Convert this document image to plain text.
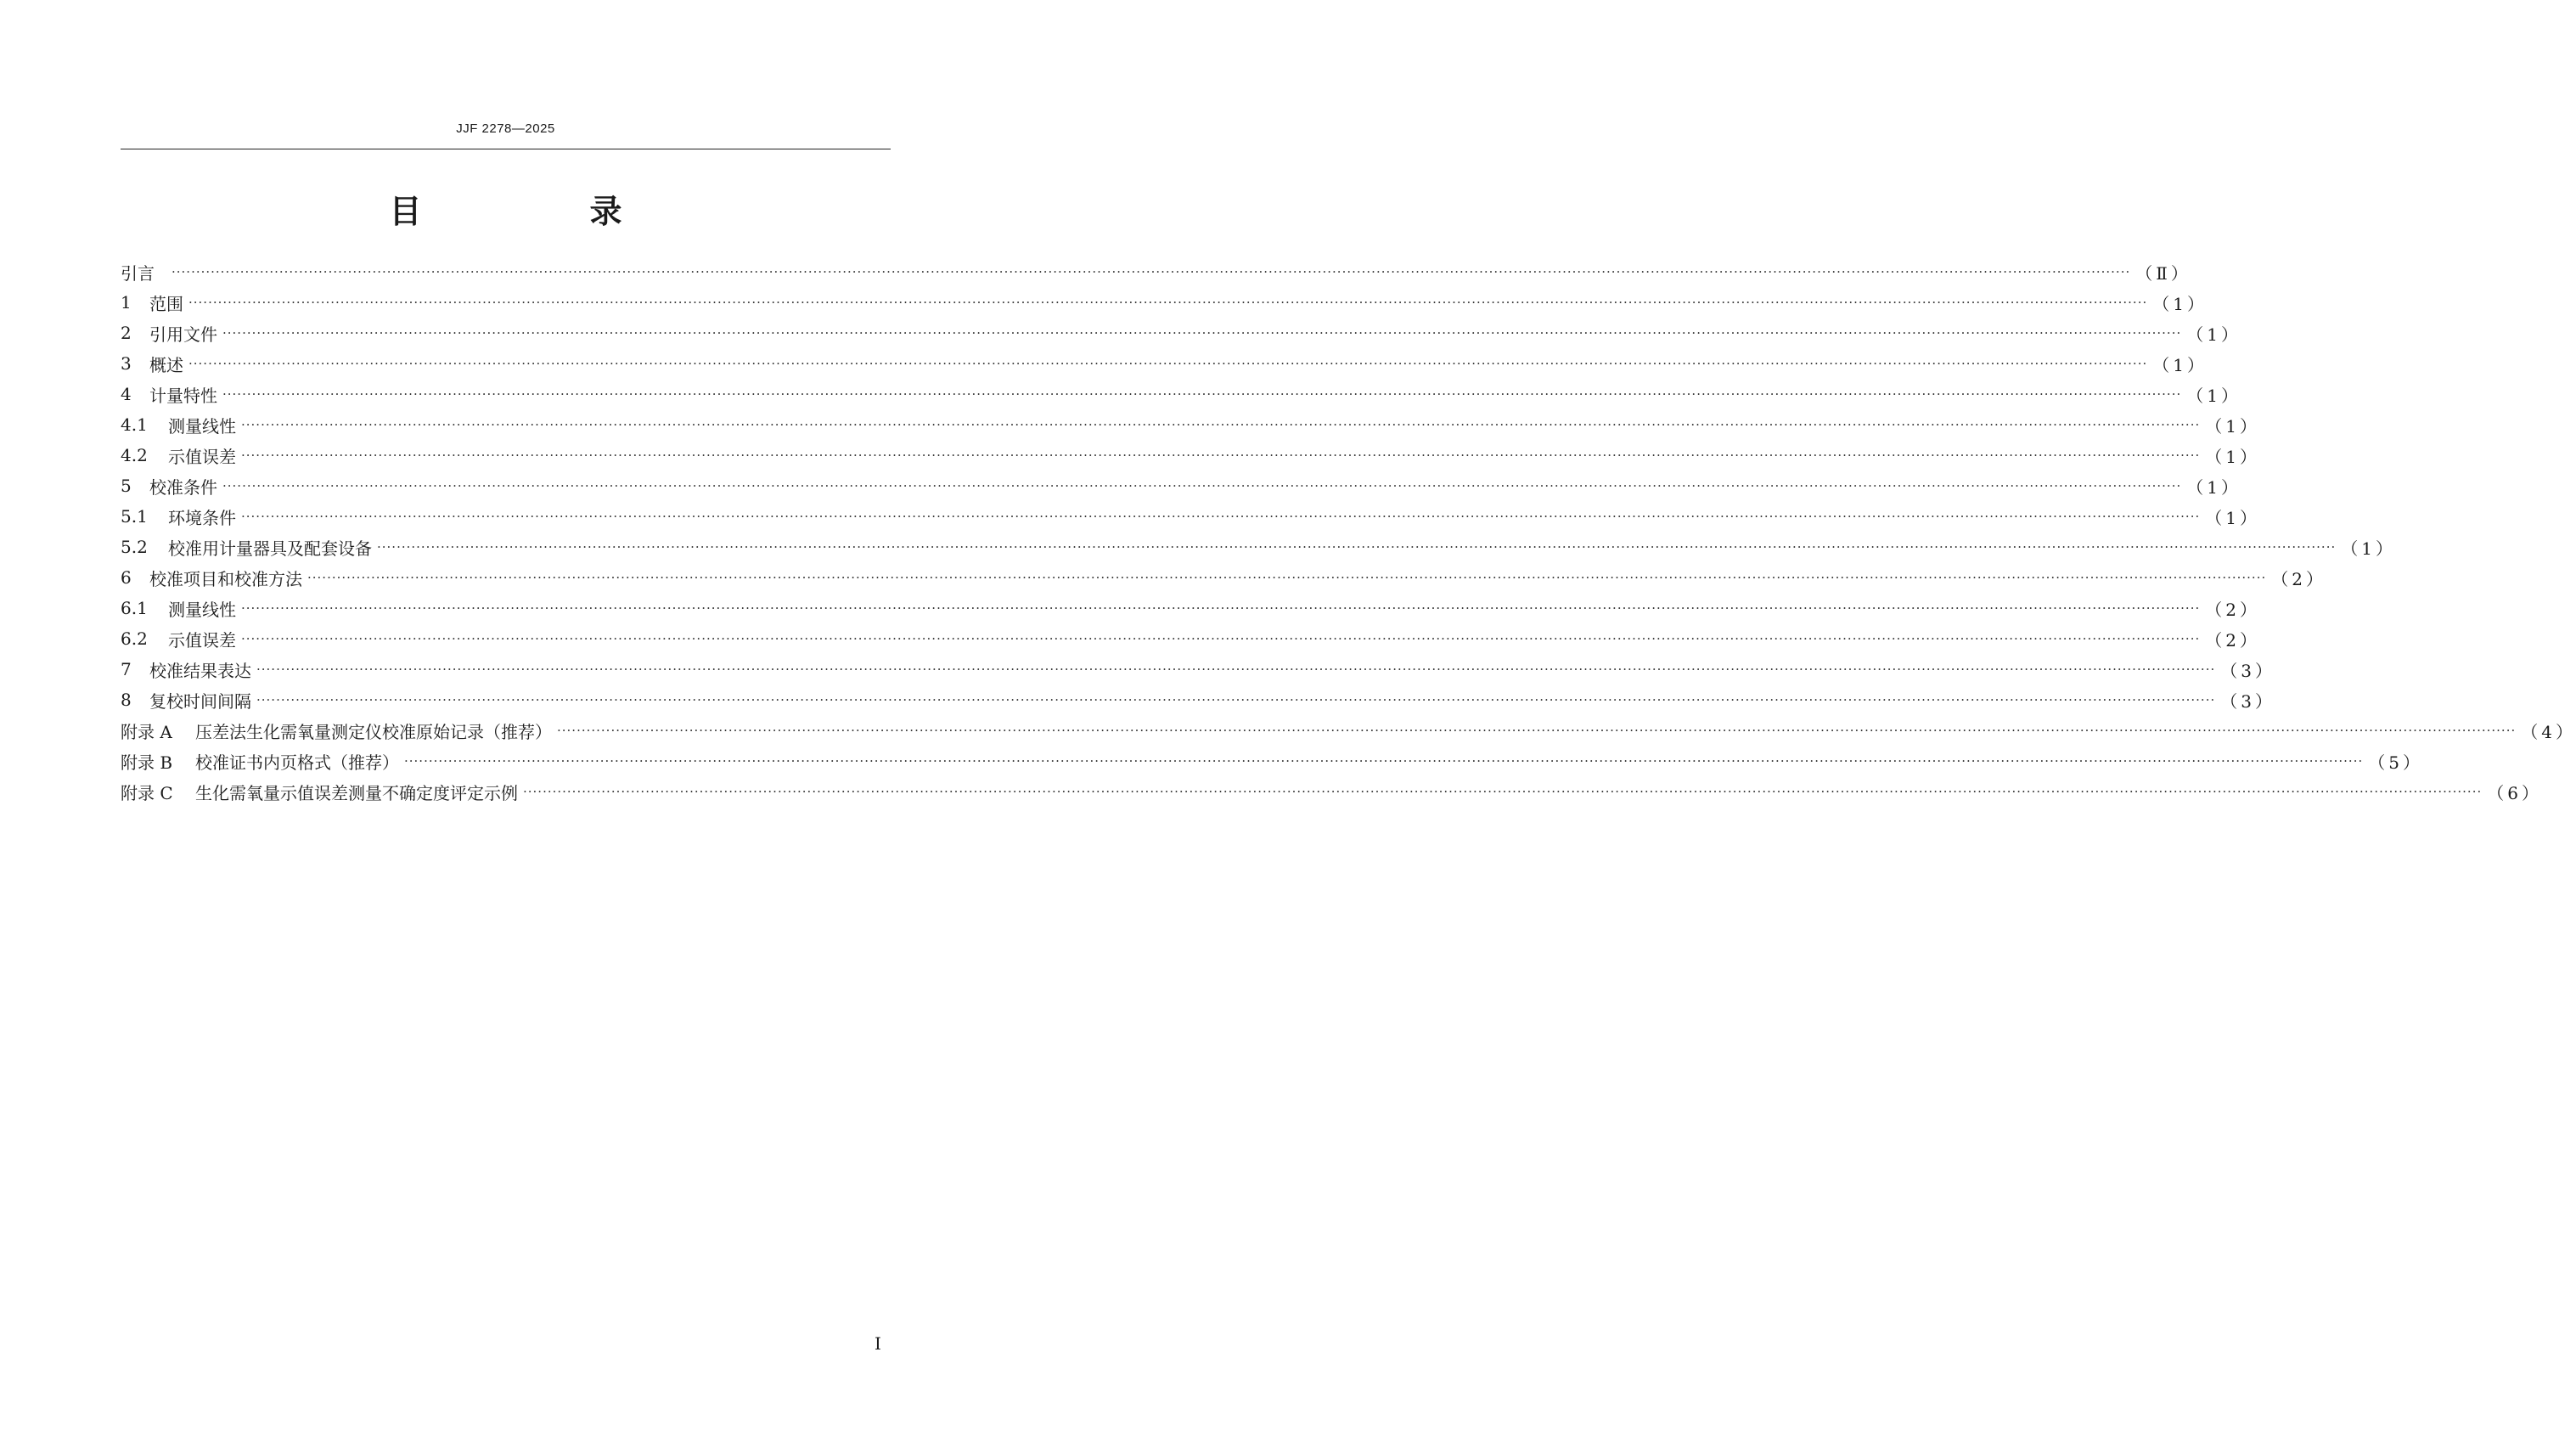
JJF 2278—2025
目　录
引言	················································································································································································································································································································································································································ （Ⅱ）
1	范围 ················································································································································································································································································································································································································ （1）
2	引用文件 ················································································································································································································································································································································································································ （1）
3	概述 ················································································································································································································································································································································································································ （1）
4	计量特性 ················································································································································································································································································································································································································ （1）
4.1	测量线性 ················································································································································································································································································································································································································ （1）
4.2	示值误差 ················································································································································································································································································································································································································ （1）
5	校准条件 ················································································································································································································································································································································································································ （1）
5.1	环境条件 ················································································································································································································································································································································································································ （1）
5.2	校准用计量器具及配套设备 ················································································································································································································································································································································································································ （1）
6	校准项目和校准方法 ················································································································································································································································································································································································································ （2）
6.1	测量线性 ················································································································································································································································································································································································································ （2）
6.2	示值误差 ················································································································································································································································································································································································································ （2）
7	校准结果表达 ················································································································································································································································································································································································································ （3）
8	复校时间间隔 ················································································································································································································································································································································································································ （3）
附录 A	压差法生化需氧量测定仪校准原始记录（推荐） ················································································································································································································································································································································································································ （4）
附录 B	校准证书内页格式（推荐） ················································································································································································································································································································································································································ （5）
附录 C	生化需氧量示值误差测量不确定度评定示例 ················································································································································································································································································································································································································ （6）
Ⅰ
